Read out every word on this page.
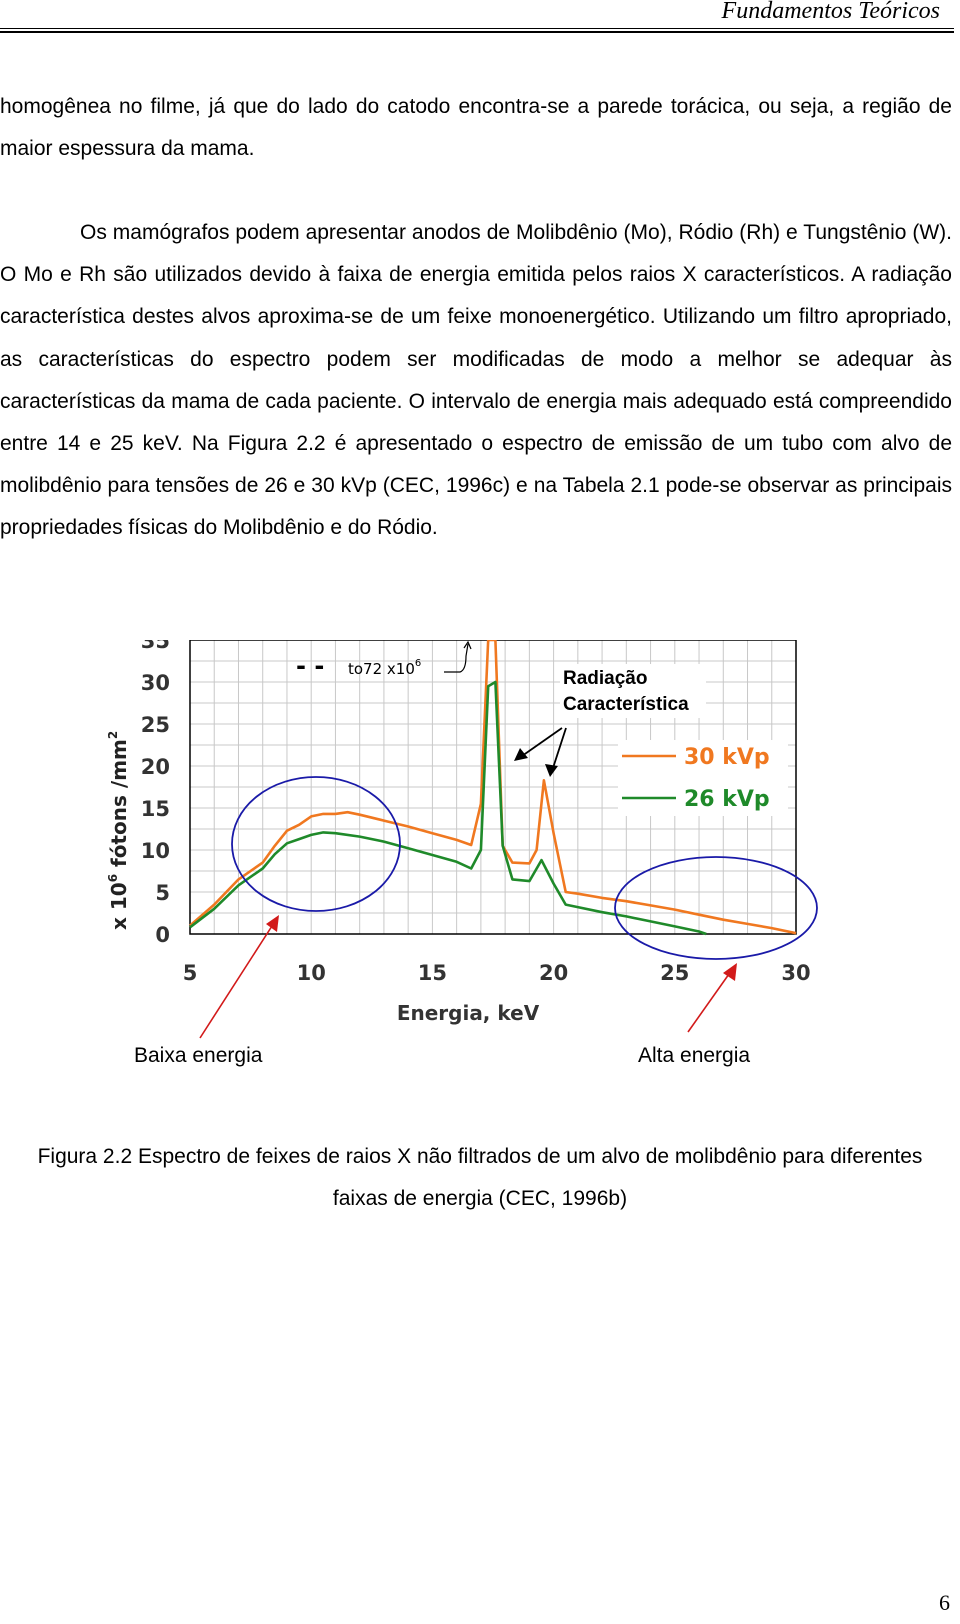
Fundamentos Teóricos

homogênea no filme, já que do lado do catodo encontra-se a parede torácica, ou seja, a região de maior espessura da mama.

Os mamógrafos podem apresentar anodos de Molibdênio (Mo), Ródio (Rh) e Tungstênio (W). O Mo e Rh são utilizados devido à faixa de energia emitida pelos raios X característicos. A radiação característica destes alvos aproxima-se de um feixe monoenergético. Utilizando um filtro apropriado, as características do espectro podem ser modificadas de modo a melhor se adequar às características da mama de cada paciente. O intervalo de energia mais adequado está compreendido entre 14 e 25 keV. Na Figura 2.2 é apresentado o espectro de emissão de um tubo com alvo de molibdênio para tensões de 26 e 30 kVp (CEC, 1996c) e na Tabela 2.1 pode-se observar as principais propriedades físicas do Molibdênio e do Ródio.

0
5
10
15
20
25
30
35
5	10	15	20	25	30
x $10^6$ fótons $/mm^2$
Energia, keV
- - to72 $x10^6$
Radiação
Característica
30 kVp
26 kVp
Baixa energia	Alta energia
Figura 2.2 Espectro de feixes de raios X não filtrados de um alvo de molibdênio para diferentes faixas de energia (CEC, 1996b)
6
